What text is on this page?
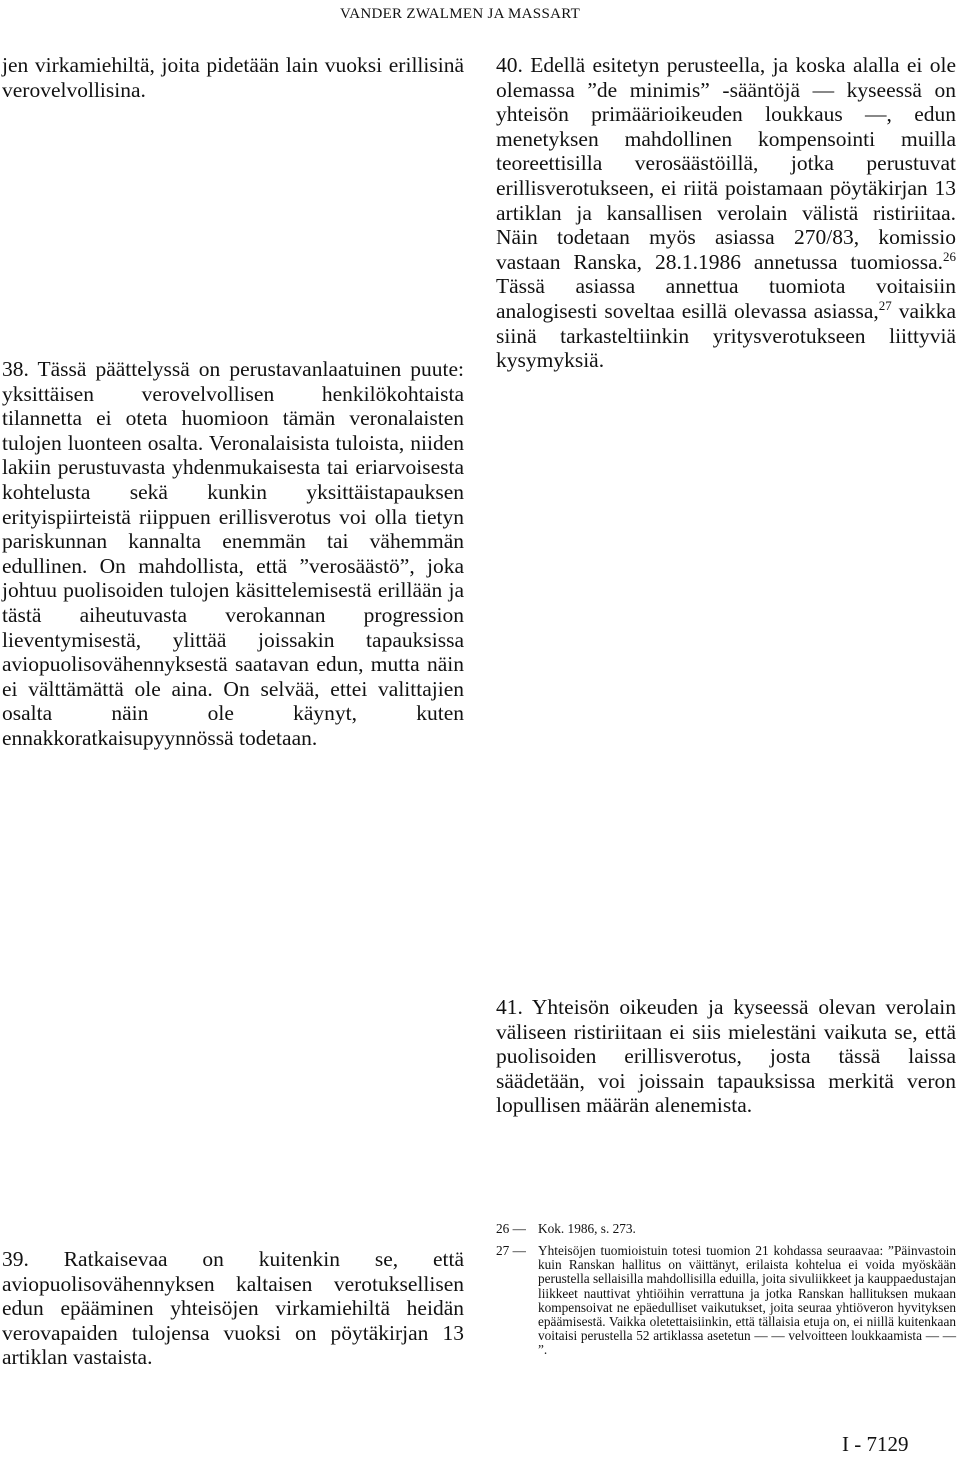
VANDER ZWALMEN JA MASSART

jen virkamiehiltä, joita pidetään lain vuoksi erillisinä verovelvollisina.

38. Tässä päättelyssä on perustavanlaatuinen puute: yksittäisen verovelvollisen henkilökohtaista tilannetta ei oteta huomioon tämän veronalaisten tulojen luonteen osalta. Veronalaisista tuloista, niiden lakiin perustuvasta yhdenmukaisesta tai eriarvoisesta kohtelusta sekä kunkin yksittäistapauksen erityispiirteistä riippuen erillisverotus voi olla tietyn pariskunnan kannalta enemmän tai vähemmän edullinen. On mahdollista, että ”verosäästö”, joka johtuu puolisoiden tulojen käsittelemisestä erillään ja tästä aiheutuvasta verokannan progression lieventymisestä, ylittää joissakin tapauksissa aviopuolisovähennyksestä saatavan edun, mutta näin ei välttämättä ole aina. On selvää, ettei valittajien osalta näin ole käynyt, kuten ennakkoratkaisupyynnössä todetaan.

39. Ratkaisevaa on kuitenkin se, että aviopuolisovähennyksen kaltaisen verotuksellisen edun epääminen yhteisöjen virkamiehiltä heidän verovapaiden tulojensa vuoksi on pöytäkirjan 13 artiklan vastaista.

40. Edellä esitetyn perusteella, ja koska alalla ei ole olemassa ”de minimis” -sääntöjä — kyseessä on yhteisön primäärioikeuden loukkaus —, edun menetyksen mahdollinen kompensointi muilla teoreettisilla verosäästöillä, jotka perustuvat erillisverotukseen, ei riitä poistamaan pöytäkirjan 13 artiklan ja kansallisen verolain välistä ristiriitaa. Näin todetaan myös asiassa 270/83, komissio vastaan Ranska, 28.1.1986 annetussa tuomiossa.$^{26}$ Tässä asiassa annettua tuomiota voitaisiin analogisesti soveltaa esillä olevassa asiassa,$^{27}$ vaikka siinä tarkasteltiinkin yritysverotukseen liittyviä kysymyksiä.

41. Yhteisön oikeuden ja kyseessä olevan verolain väliseen ristiriitaan ei siis mielestäni vaikuta se, että puolisoiden erillisverotus, josta tässä laissa säädetään, voi joissain tapauksissa merkitä veron lopullisen määrän alenemista.

26 — Kok. 1986, s. 273.
27 — Yhteisöjen tuomioistuin totesi tuomion 21 kohdassa seuraavaa: ”Päinvastoin kuin Ranskan hallitus on väittänyt, erilaista kohtelua ei voida myöskään perustella sellaisilla mahdollisilla eduilla, joita sivuliikkeet ja kauppaedustajan liikkeet nauttivat yhtiöihin verrattuna ja jotka Ranskan hallituksen mukaan kompensoivat ne epäedulliset vaikutukset, joita seuraa yhtiöveron hyvityksen epäämisestä. Vaikka oletettaisiinkin, että tällaisia etuja on, ei niillä kuitenkaan voitaisi perustella 52 artiklassa asetetun — — velvoitteen loukkaamista — — ”.
I - 7129
